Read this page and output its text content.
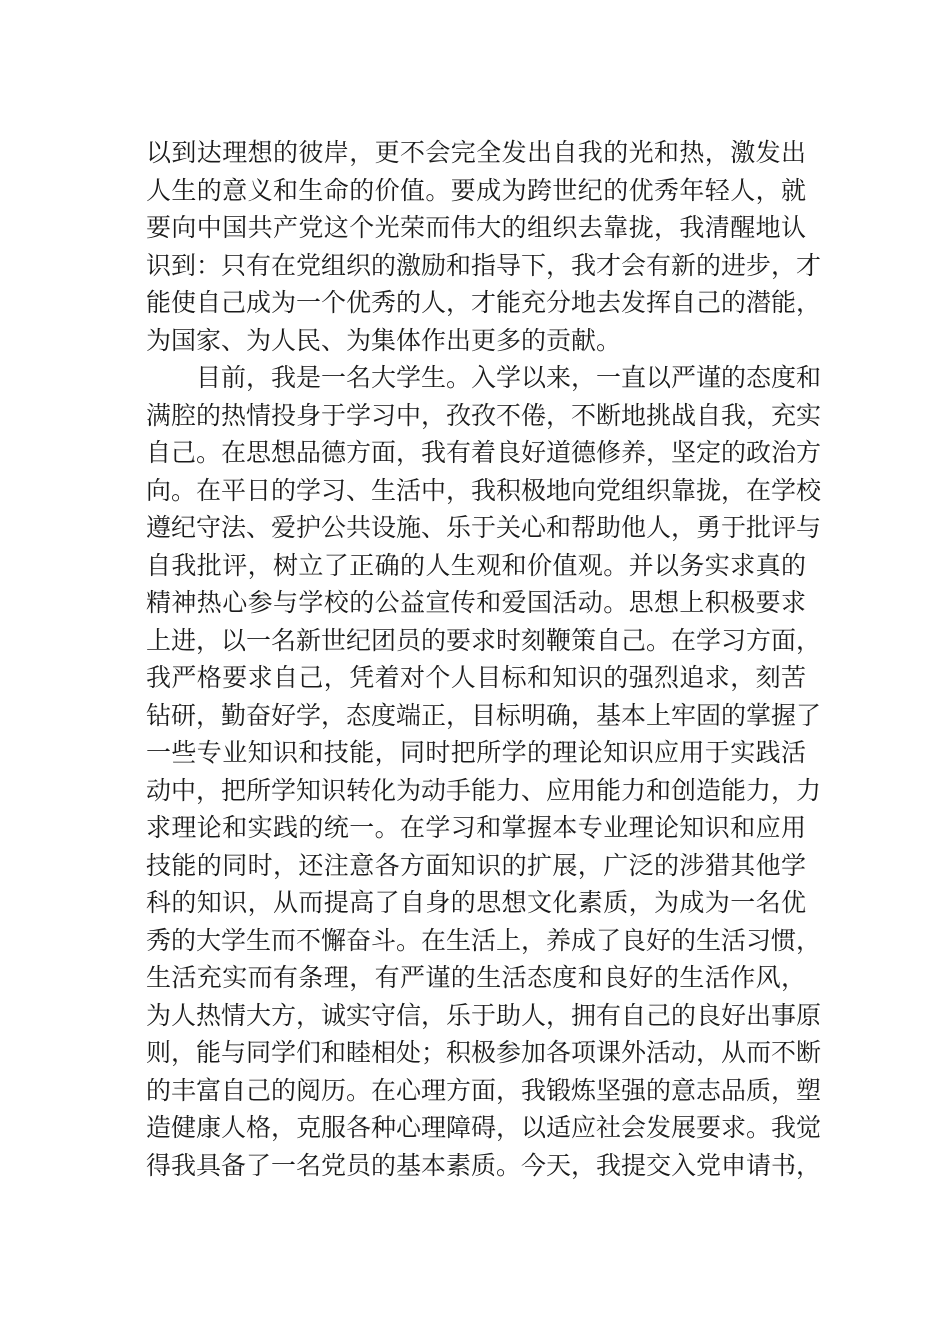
以到达理想的彼岸，更不会完全发出自我的光和热，激发出
人生的意义和生命的价值。要成为跨世纪的优秀年轻人，就
要向中国共产党这个光荣而伟大的组织去靠拢，我清醒地认
识到：只有在党组织的激励和指导下，我才会有新的进步，才
能使自己成为一个优秀的人，才能充分地去发挥自己的潜能，
为国家、为人民、为集体作出更多的贡献。
目前，我是一名大学生。入学以来，一直以严谨的态度和
满腔的热情投身于学习中，孜孜不倦，不断地挑战自我，充实
自己。在思想品德方面，我有着良好道德修养，坚定的政治方
向。在平日的学习、生活中，我积极地向党组织靠拢，在学校
遵纪守法、爱护公共设施、乐于关心和帮助他人，勇于批评与
自我批评，树立了正确的人生观和价值观。并以务实求真的
精神热心参与学校的公益宣传和爱国活动。思想上积极要求
上进，以一名新世纪团员的要求时刻鞭策自己。在学习方面，
我严格要求自己，凭着对个人目标和知识的强烈追求，刻苦
钻研，勤奋好学，态度端正，目标明确，基本上牢固的掌握了
一些专业知识和技能，同时把所学的理论知识应用于实践活
动中，把所学知识转化为动手能力、应用能力和创造能力，力
求理论和实践的统一。在学习和掌握本专业理论知识和应用
技能的同时，还注意各方面知识的扩展，广泛的涉猎其他学
科的知识，从而提高了自身的思想文化素质，为成为一名优
秀的大学生而不懈奋斗。在生活上，养成了良好的生活习惯，
生活充实而有条理，有严谨的生活态度和良好的生活作风，
为人热情大方，诚实守信，乐于助人，拥有自己的良好出事原
则，能与同学们和睦相处；积极参加各项课外活动，从而不断
的丰富自己的阅历。在心理方面，我锻炼坚强的意志品质，塑
造健康人格，克服各种心理障碍，以适应社会发展要求。我觉
得我具备了一名党员的基本素质。今天，我提交入党申请书，
